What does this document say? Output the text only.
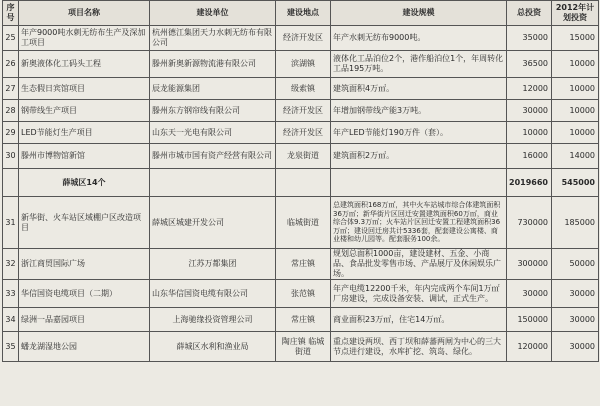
序号	项目名称	建设单位	建设地点	建设规模	总投资	2012年计划投资
25	年产9000吨水刺无纺布生产及深加工项目	杭州德江集团天力水刺无纺布有限公司	经济开发区	年产水刺无纺布9000吨。	35000	15000
26	新奥液体化工码头工程	滕州新奥新源物流港有限公司	滨湖镇	液体化工品泊位2个，港作船泊位1个，年周转化工品195万吨。	36500	10000
27	生态假日宾馆项目	辰龙能源集团	级索镇	建筑面积4万㎡。	12000	10000
28	钢带线生产项目	滕州东方钢帘线有限公司	经济开发区	年增加钢带线产能3万吨。	30000	10000
29	LED节能灯生产项目	山东天一光电有限公司	经济开发区	年产LED节能灯190万件（套）。	10000	10000
30	滕州市博物馆新馆	滕州市城市国有资产经营有限公司	龙泉街道	建筑面积2万㎡。	16000	14000
	薛城区14个				2019660	545000
31	新华街、火车站区域棚户区改造项目	薛城区城建开发公司	临城街道	总建筑面积168万㎡，其中火车站城市综合体建筑面积36万㎡；新华街片区回迁安置建筑面积60万㎡，商业综合体9.3万㎡；火车站片区回迁安置工程建筑面积36万㎡；建设回迁房共计5336套，配套建设公寓楼、商业楼和幼儿园等。配套服务100余。	730000	185000
32	浙江商贸国际广场	江苏万都集团	常庄镇	规划总面积1000亩，建设建材、五金、小商品、食品批发零售市场、产品展厅及休闲娱乐广场。	300000	50000
33	华信国资电缆项目（二期）	山东华信国资电缆有限公司	张范镇	年产电缆12200千米，年内完成两个车间1万㎡厂房建设，完成设备安装、调试，正式生产。	30000	30000
34	绿洲一品嘉园项目	上海驰缘投资管理公司	常庄镇	商业面积23万㎡，住宅14万㎡。	150000	30000
35	蟠龙湖湿地公园	薛城区水利和渔业局	陶庄镇 临城街道	重点建设两坝、西丁坝和薛蕃两闸为中心的三大节点进行建设，水库扩挖、筑岛、绿化。	120000	30000
